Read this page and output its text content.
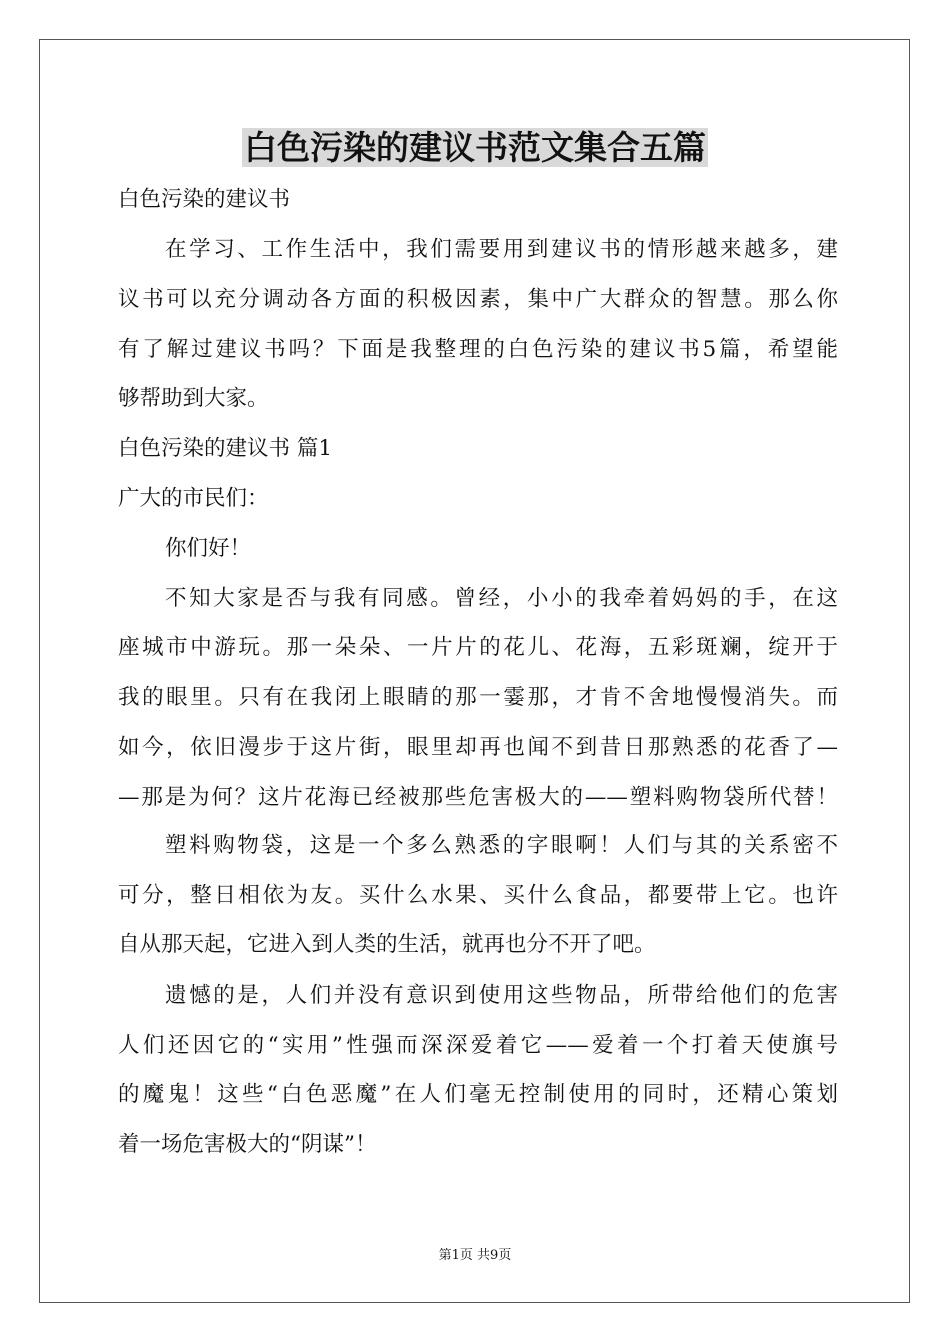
白色污染的建议书范文集合五篇
白色污染的建议书
在学习、工作生活中，我们需要用到建议书的情形越来越多，建
议书可以充分调动各方面的积极因素，集中广大群众的智慧。那么你
有了解过建议书吗？下面是我整理的白色污染的建议书5篇，希望能
够帮助到大家。
白色污染的建议书 篇1
广大的市民们：
你们好！
不知大家是否与我有同感。曾经，小小的我牵着妈妈的手，在这
座城市中游玩。那一朵朵、一片片的花儿、花海，五彩斑斓，绽开于
我的眼里。只有在我闭上眼睛的那一霎那，才肯不舍地慢慢消失。而
如今，依旧漫步于这片街，眼里却再也闻不到昔日那熟悉的花香了—
—那是为何？这片花海已经被那些危害极大的——塑料购物袋所代替！
塑料购物袋，这是一个多么熟悉的字眼啊！人们与其的关系密不
可分，整日相依为友。买什么水果、买什么食品，都要带上它。也许
自从那天起，它进入到人类的生活，就再也分不开了吧。
遗憾的是，人们并没有意识到使用这些物品，所带给他们的危害
人们还因它的“实用”性强而深深爱着它——爱着一个打着天使旗号
的魔鬼！这些“白色恶魔”在人们毫无控制使用的同时，还精心策划
着一场危害极大的“阴谋”！
第1页 共9页
